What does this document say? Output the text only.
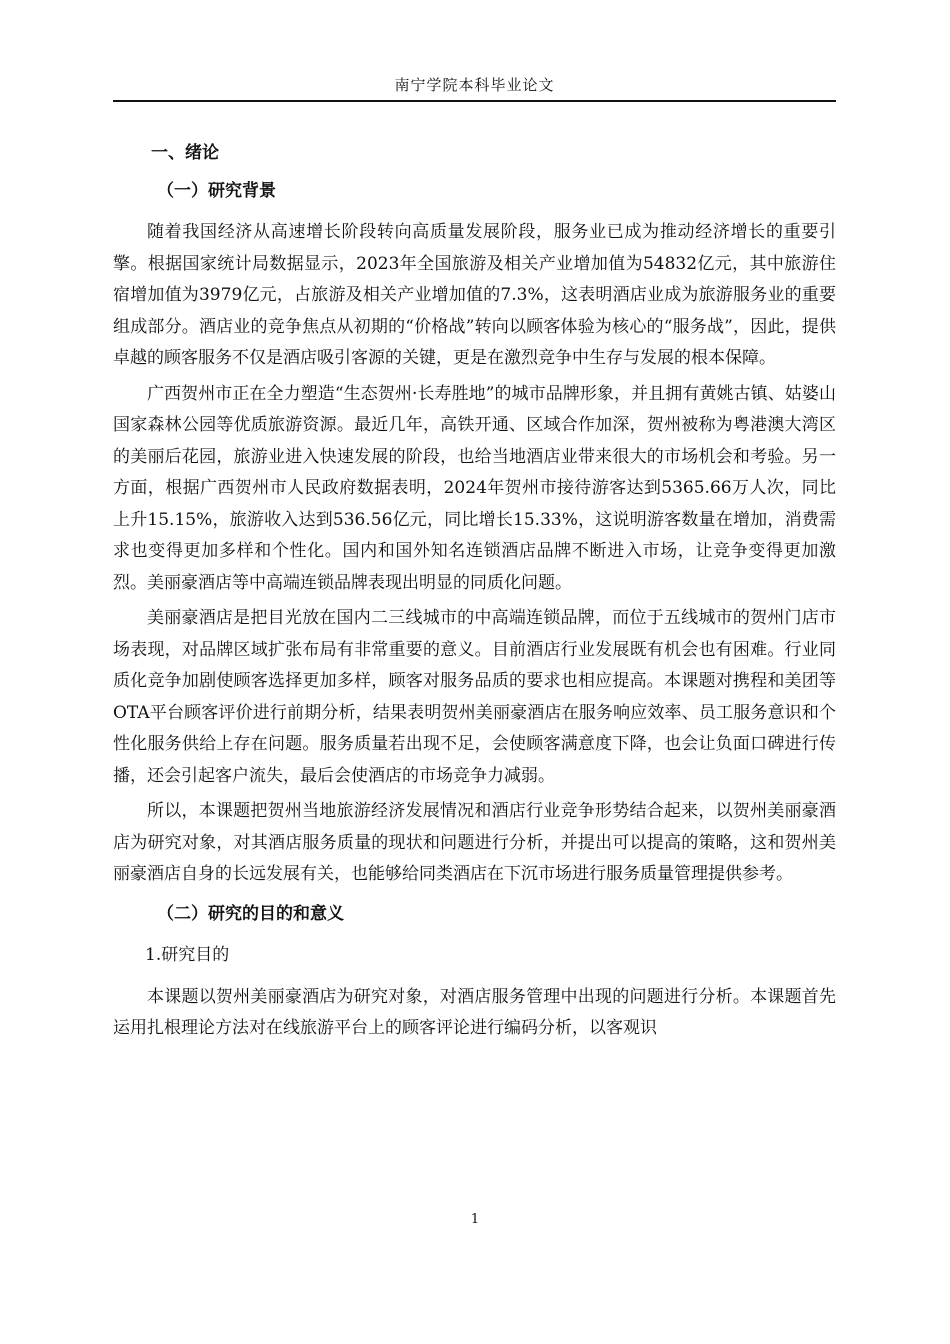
南宁学院本科毕业论文
一、绪论
（一）研究背景

随着我国经济从高速增长阶段转向高质量发展阶段，服务业已成为推动经济增长的重要引擎。根据国家统计局数据显示，2023年全国旅游及相关产业增加值为54832亿元，其中旅游住宿增加值为3979亿元，占旅游及相关产业增加值的7.3%，这表明酒店业成为旅游服务业的重要组成部分。酒店业的竞争焦点从初期的“价格战”转向以顾客体验为核心的“服务战”，因此，提供卓越的顾客服务不仅是酒店吸引客源的关键，更是在激烈竞争中生存与发展的根本保障。

广西贺州市正在全力塑造“生态贺州·长寿胜地”的城市品牌形象，并且拥有黄姚古镇、姑婆山国家森林公园等优质旅游资源。最近几年，高铁开通、区域合作加深，贺州被称为粤港澳大湾区的美丽后花园，旅游业进入快速发展的阶段，也给当地酒店业带来很大的市场机会和考验。另一方面，根据广西贺州市人民政府数据表明，2024年贺州市接待游客达到5365.66万人次，同比上升15.15%，旅游收入达到536.56亿元，同比增长15.33%，这说明游客数量在增加，消费需求也变得更加多样和个性化。国内和国外知名连锁酒店品牌不断进入市场，让竞争变得更加激烈。美丽豪酒店等中高端连锁品牌表现出明显的同质化问题。

美丽豪酒店是把目光放在国内二三线城市的中高端连锁品牌，而位于五线城市的贺州门店市场表现，对品牌区域扩张布局有非常重要的意义。目前酒店行业发展既有机会也有困难。行业同质化竞争加剧使顾客选择更加多样，顾客对服务品质的要求也相应提高。本课题对携程和美团等OTA平台顾客评价进行前期分析，结果表明贺州美丽豪酒店在服务响应效率、员工服务意识和个性化服务供给上存在问题。服务质量若出现不足，会使顾客满意度下降，也会让负面口碑进行传播，还会引起客户流失，最后会使酒店的市场竞争力减弱。

所以，本课题把贺州当地旅游经济发展情况和酒店行业竞争形势结合起来，以贺州美丽豪酒店为研究对象，对其酒店服务质量的现状和问题进行分析，并提出可以提高的策略，这和贺州美丽豪酒店自身的长远发展有关，也能够给同类酒店在下沉市场进行服务质量管理提供参考。

（二）研究的目的和意义
1.研究目的

本课题以贺州美丽豪酒店为研究对象，对酒店服务管理中出现的问题进行分析。本课题首先运用扎根理论方法对在线旅游平台上的顾客评论进行编码分析，以客观识

1
